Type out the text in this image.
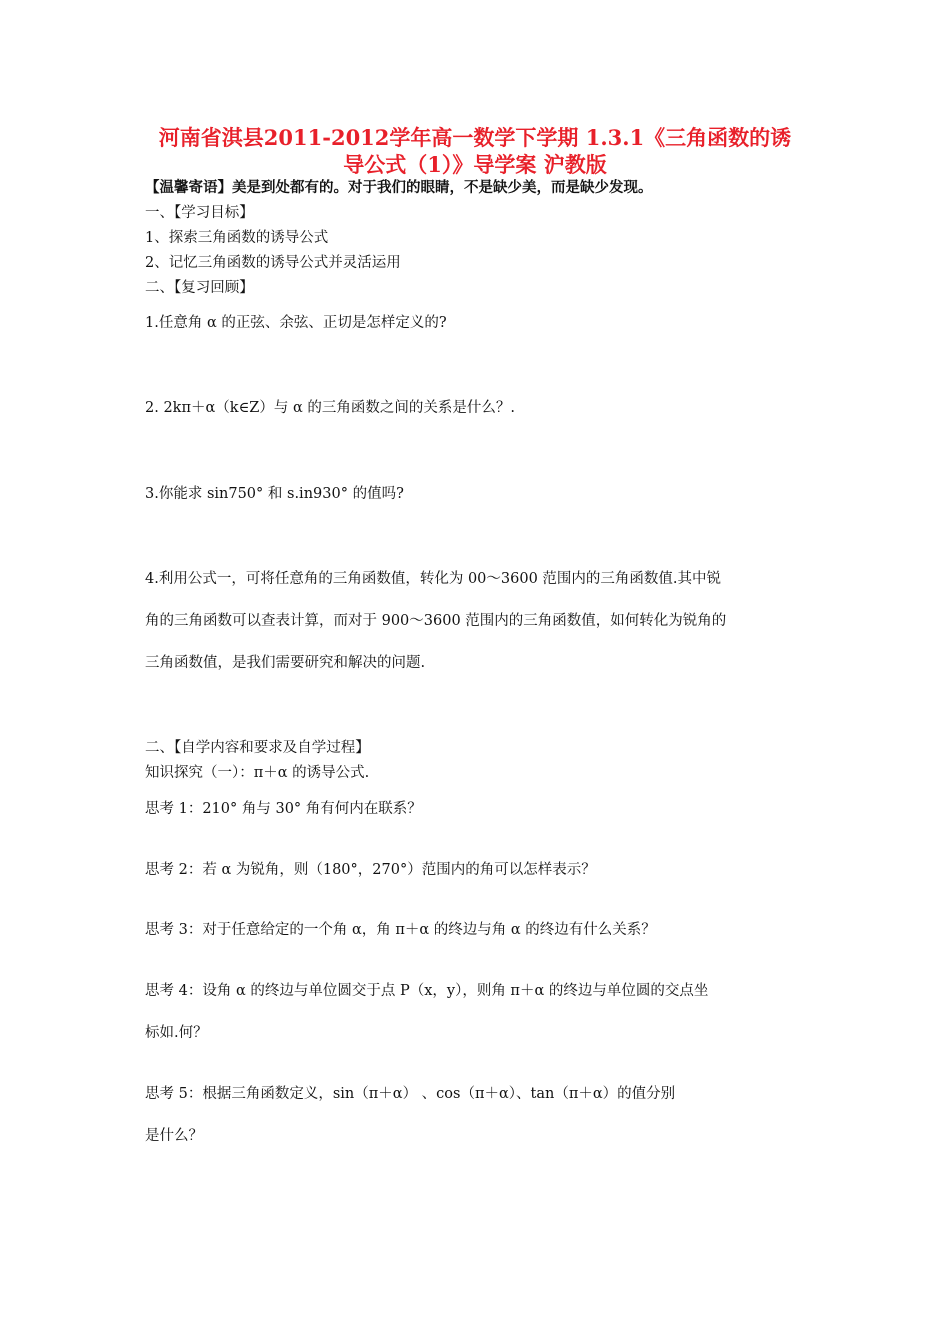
河南省淇县2011-2012学年高一数学下学期 1.3.1《三角函数的诱
导公式（1）》导学案 沪教版
【温馨寄语】美是到处都有的。对于我们的眼睛，不是缺少美，而是缺少发现。
一、【学习目标】
1、探索三角函数的诱导公式
2、记忆三角函数的诱导公式并灵活运用
二、【复习回顾】
1.任意角 α 的正弦、余弦、正切是怎样定义的?
2. 2kπ＋α（k∈Z）与 α 的三角函数之间的关系是什么？.
3.你能求 sin750° 和 s.in930° 的值吗?
4.利用公式一，可将任意角的三角函数值，转化为 00～3600 范围内的三角函数值.其中锐
角的三角函数可以查表计算，而对于 900～3600 范围内的三角函数值，如何转化为锐角的
三角函数值，是我们需要研究和解决的问题.
二、【自学内容和要求及自学过程】
知识探究（一）：π＋α 的诱导公式.
思考 1：210° 角与 30° 角有何内在联系？
思考 2：若 α 为锐角，则（180°，270°）范围内的角可以怎样表示？
思考 3：对于任意给定的一个角 α，角 π＋α 的终边与角 α 的终边有什么关系？
思考 4：设角 α 的终边与单位圆交于点 P（x，y），则角 π＋α 的终边与单位圆的交点坐
标如.何？
思考 5：根据三角函数定义，sin（π＋α） 、cos（π＋α）、tan（π＋α）的值分别
是什么？
